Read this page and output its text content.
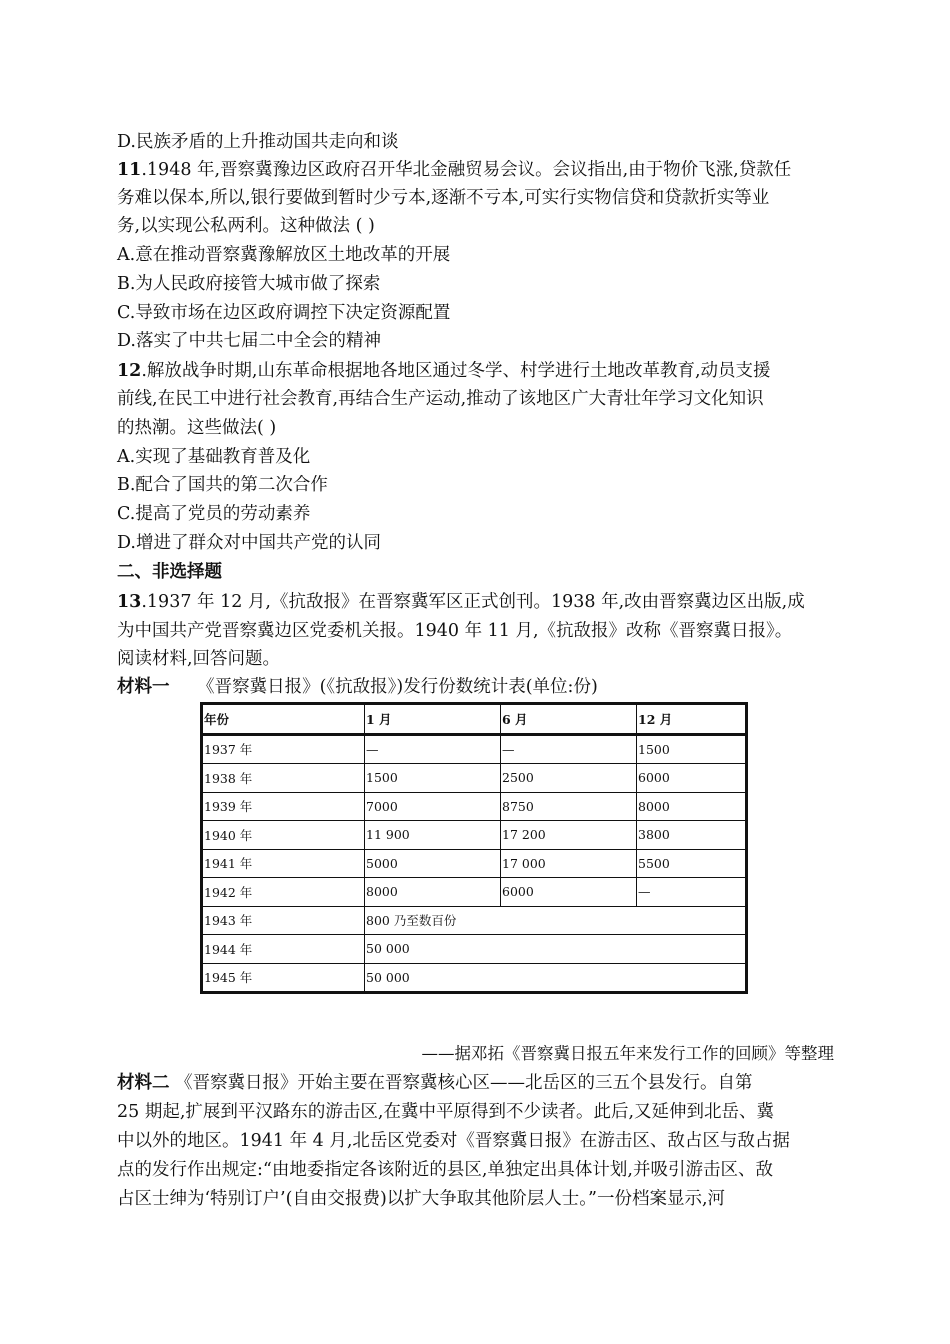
D.民族矛盾的上升推动国共走向和谈
11.1948 年,晋察冀豫边区政府召开华北金融贸易会议。会议指出,由于物价飞涨,贷款任
务难以保本,所以,银行要做到暂时少亏本,逐渐不亏本,可实行实物信贷和贷款折实等业
务,以实现公私两利。这种做法 ( )
A.意在推动晋察冀豫解放区土地改革的开展
B.为人民政府接管大城市做了探索
C.导致市场在边区政府调控下决定资源配置
D.落实了中共七届二中全会的精神
12.解放战争时期,山东革命根据地各地区通过冬学、村学进行土地改革教育,动员支援
前线,在民工中进行社会教育,再结合生产运动,推动了该地区广大青壮年学习文化知识
的热潮。这些做法( )
A.实现了基础教育普及化
B.配合了国共的第二次合作
C.提高了党员的劳动素养
D.增进了群众对中国共产党的认同
二、非选择题
13.1937 年 12 月,《抗敌报》在晋察冀军区正式创刊。1938 年,改由晋察冀边区出版,成
为中国共产党晋察冀边区党委机关报。1940 年 11 月,《抗敌报》改称《晋察冀日报》。
阅读材料,回答问题。
材料一 《晋察冀日报》(《抗敌报》)发行份数统计表(单位:份)
年份	1 月	6 月	12 月
1937 年	—	—	1500
1938 年	1500	2500	6000
1939 年	7000	8750	8000
1940 年	11 900	17 200	3800
1941 年	5000	17 000	5500
1942 年	8000	6000	—
1943 年	800 乃至数百份		
1944 年	50 000		
1945 年	50 000		
——据邓拓《晋察冀日报五年来发行工作的回顾》等整理
材料二 《晋察冀日报》开始主要在晋察冀核心区——北岳区的三五个县发行。自第
25 期起,扩展到平汉路东的游击区,在冀中平原得到不少读者。此后,又延伸到北岳、冀
中以外的地区。1941 年 4 月,北岳区党委对《晋察冀日报》在游击区、敌占区与敌占据
点的发行作出规定:“由地委指定各该附近的县区,单独定出具体计划,并吸引游击区、敌
占区士绅为‘特别订户’(自由交报费)以扩大争取其他阶层人士。”一份档案显示,河
